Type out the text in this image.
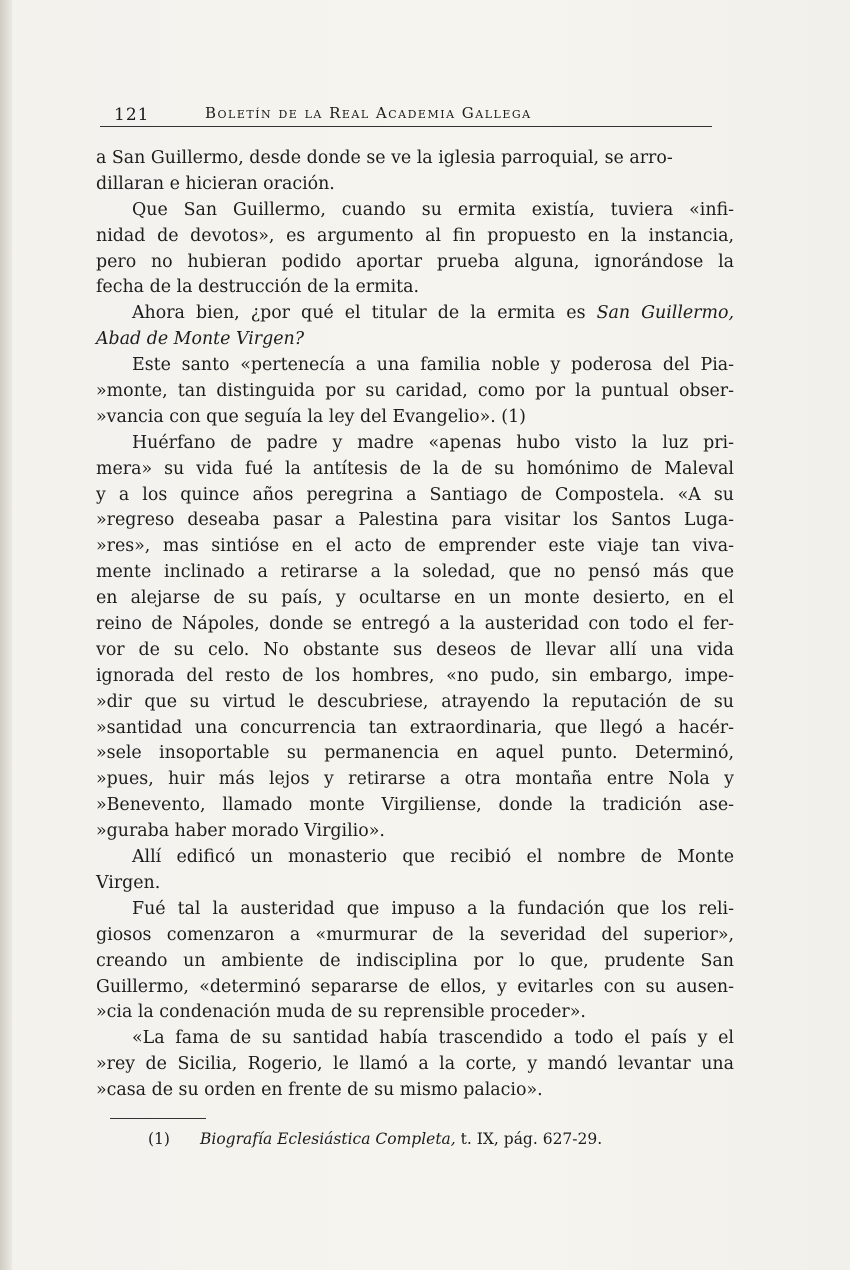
121	Boletín de la Real Academia Gallega
a San Guillermo, desde donde se ve la iglesia parroquial, se arro-
dillaran e hicieran oración.
Que San Guillermo, cuando su ermita existía, tuviera «infi-
nidad de devotos», es argumento al fin propuesto en la instancia,
pero no hubieran podido aportar prueba alguna, ignorándose la
fecha de la destrucción de la ermita.
Ahora bien, ¿por qué el titular de la ermita es San Guillermo,
Abad de Monte Virgen?
Este santo «pertenecía a una familia noble y poderosa del Pia-
»monte, tan distinguida por su caridad, como por la puntual obser-
»vancia con que seguía la ley del Evangelio». (1)
Huérfano de padre y madre «apenas hubo visto la luz pri-
mera» su vida fué la antítesis de la de su homónimo de Maleval
y a los quince años peregrina a Santiago de Compostela. «A su
»regreso deseaba pasar a Palestina para visitar los Santos Luga-
»res», mas sintióse en el acto de emprender este viaje tan viva-
mente inclinado a retirarse a la soledad, que no pensó más que
en alejarse de su país, y ocultarse en un monte desierto, en el
reino de Nápoles, donde se entregó a la austeridad con todo el fer-
vor de su celo. No obstante sus deseos de llevar allí una vida
ignorada del resto de los hombres, «no pudo, sin embargo, impe-
»dir que su virtud le descubriese, atrayendo la reputación de su
»santidad una concurrencia tan extraordinaria, que llegó a hacér-
»sele insoportable su permanencia en aquel punto. Determinó,
»pues, huir más lejos y retirarse a otra montaña entre Nola y
»Benevento, llamado monte Virgiliense, donde la tradición ase-
»guraba haber morado Virgilio».
Allí edificó un monasterio que recibió el nombre de Monte
Virgen.
Fué tal la austeridad que impuso a la fundación que los reli-
giosos comenzaron a «murmurar de la severidad del superior»,
creando un ambiente de indisciplina por lo que, prudente San
Guillermo, «determinó separarse de ellos, y evitarles con su ausen-
»cia la condenación muda de su reprensible proceder».
«La fama de su santidad había trascendido a todo el país y el
»rey de Sicilia, Rogerio, le llamó a la corte, y mandó levantar una
»casa de su orden en frente de su mismo palacio».
(1) Biografía Eclesiástica Completa, t. IX, pág. 627-29.
